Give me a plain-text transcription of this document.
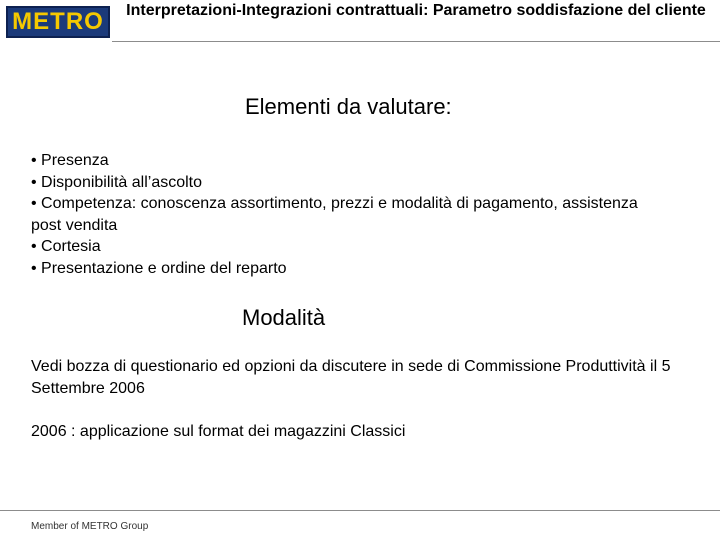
METRO	Interpretazioni-Integrazioni contrattuali: Parametro soddisfazione del cliente
Elementi da valutare:
• Presenza
• Disponibilità all’ascolto
• Competenza: conoscenza assortimento, prezzi e modalità di pagamento, assistenza post vendita
• Cortesia
• Presentazione e ordine del reparto
Modalità

Vedi bozza di questionario ed opzioni da discutere in sede di Commissione Produttività il 5 Settembre 2006

2006 : applicazione sul format dei magazzini Classici

Member of METRO Group
